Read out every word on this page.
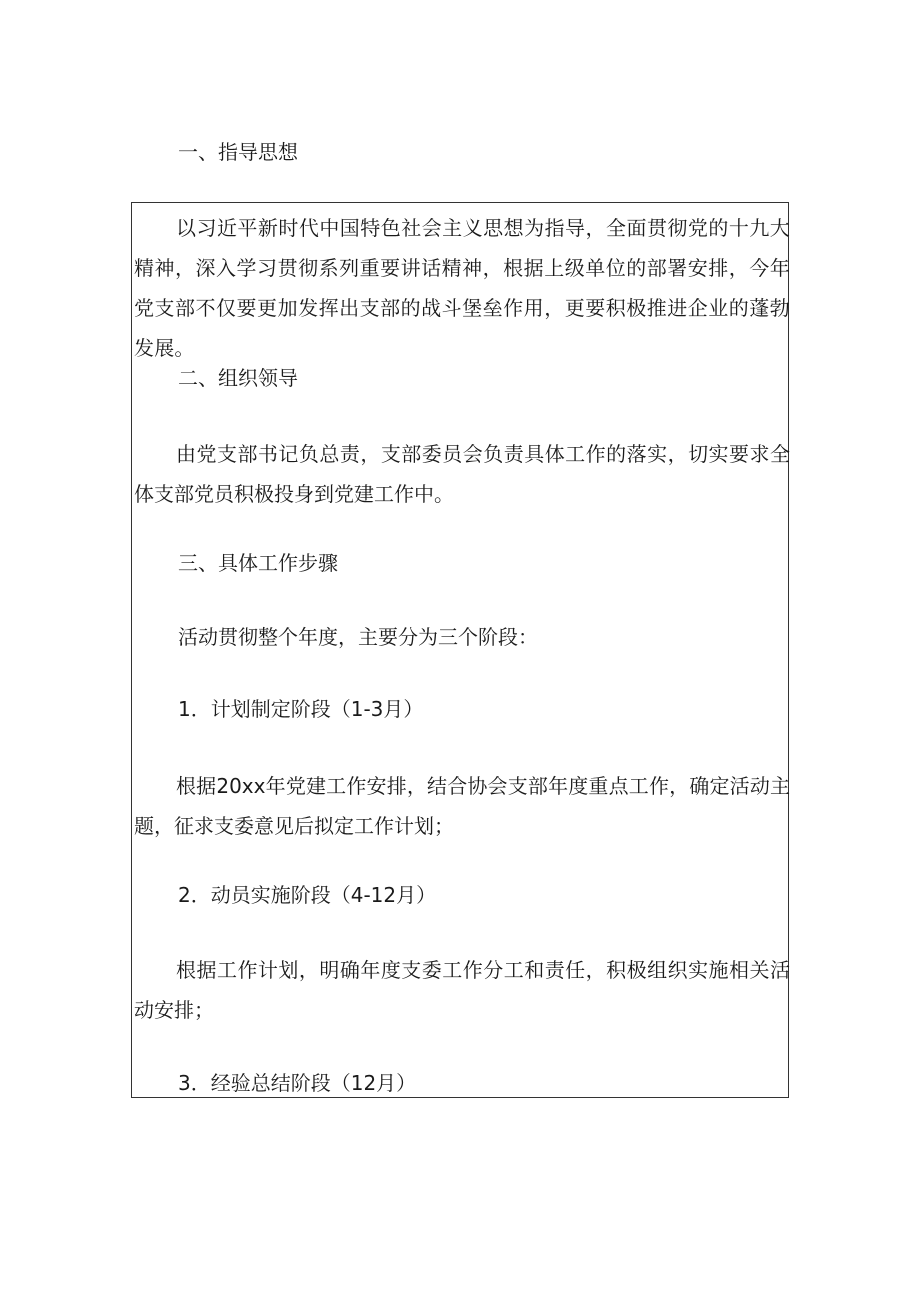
一、指导思想

以习近平新时代中国特色社会主义思想为指导，全面贯彻党的十九大精神，深入学习贯彻系列重要讲话精神，根据上级单位的部署安排，今年党支部不仅要更加发挥出支部的战斗堡垒作用，更要积极推进企业的蓬勃发展。

二、组织领导

由党支部书记负总责，支部委员会负责具体工作的落实，切实要求全体支部党员积极投身到党建工作中。

三、具体工作步骤

活动贯彻整个年度，主要分为三个阶段：

1．计划制定阶段（1-3月）

根据20xx年党建工作安排，结合协会支部年度重点工作，确定活动主题，征求支委意见后拟定工作计划；

2．动员实施阶段（4-12月）

根据工作计划，明确年度支委工作分工和责任，积极组织实施相关活动安排；

3．经验总结阶段（12月）
